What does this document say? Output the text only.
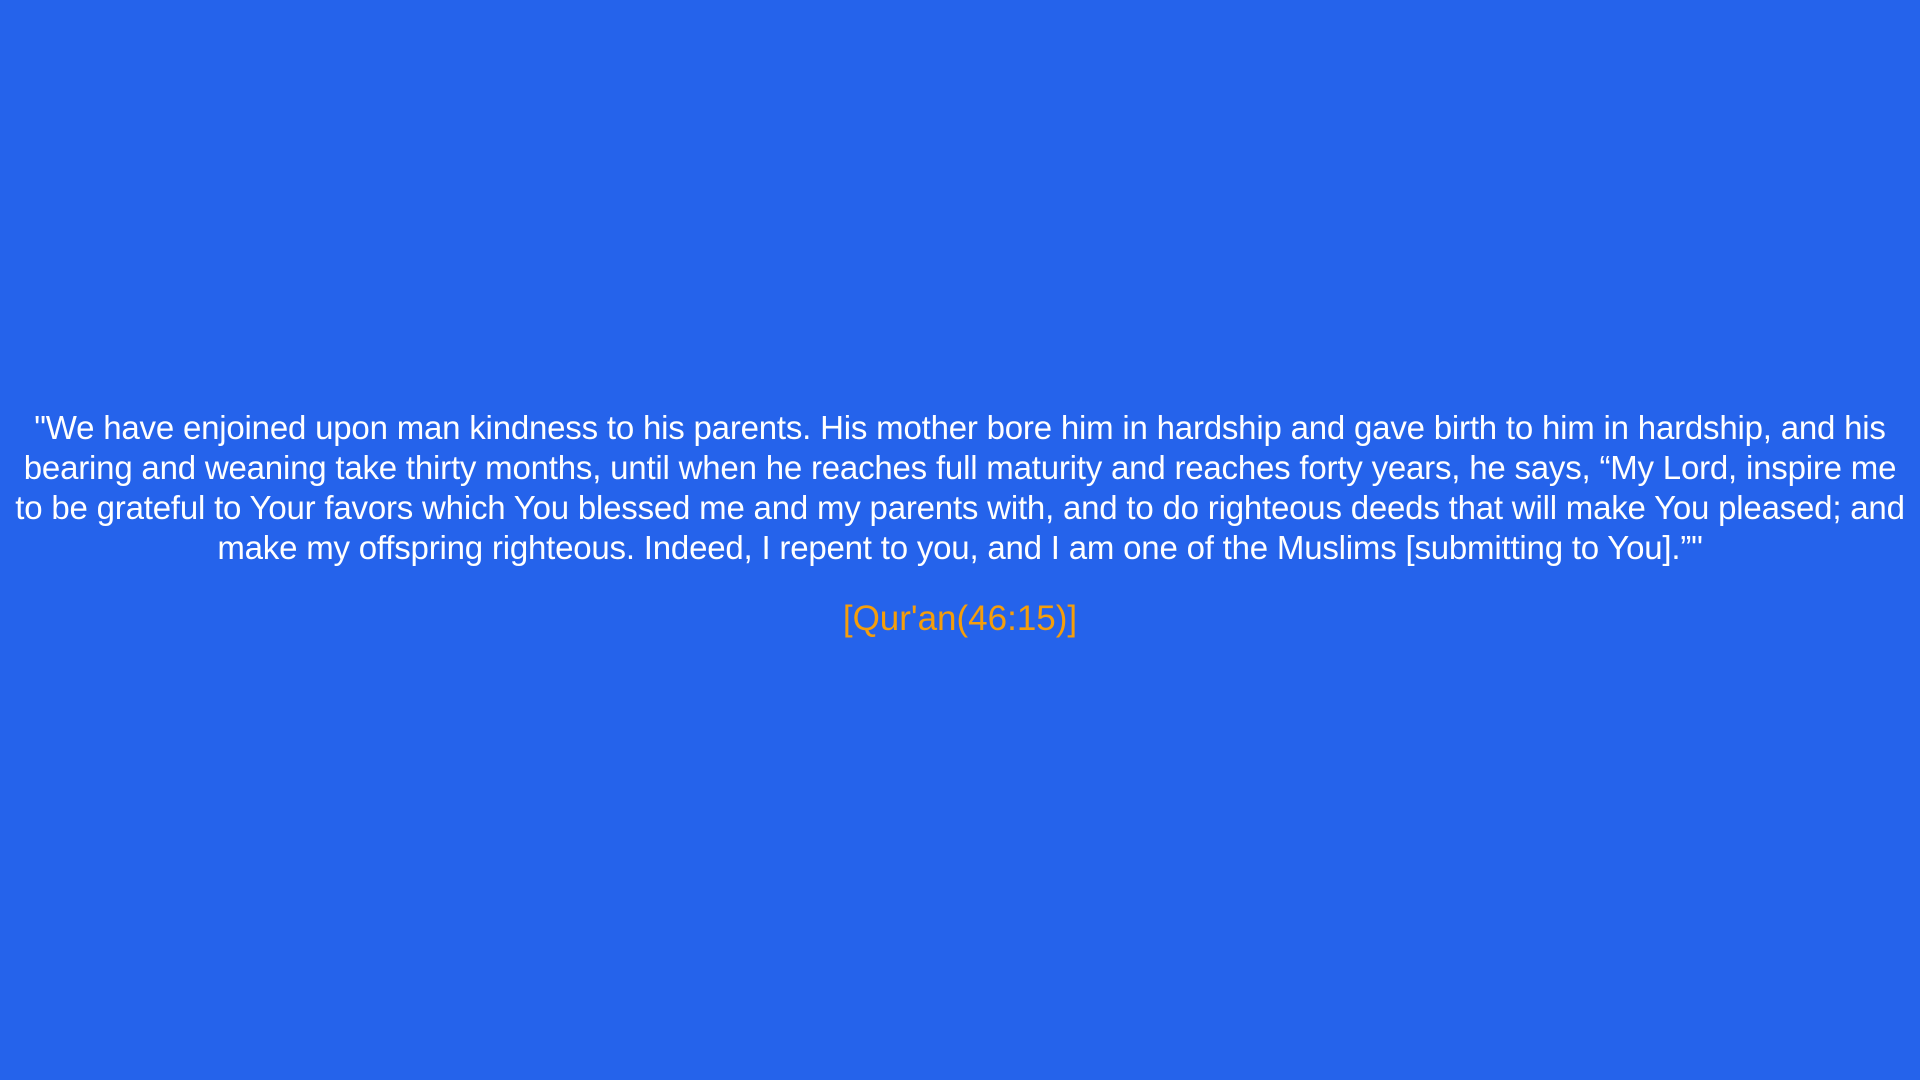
"We have enjoined upon man kindness to his parents. His mother bore him in hardship and gave birth to him in hardship, and his bearing and weaning take thirty months, until when he reaches full maturity and reaches forty years, he says, “My Lord, inspire me to be grateful to Your favors which You blessed me and my parents with, and to do righteous deeds that will make You pleased; and make my offspring righteous. Indeed, I repent to you, and I am one of the Muslims [submitting to You].”"

[Qur'an(46:15)]
